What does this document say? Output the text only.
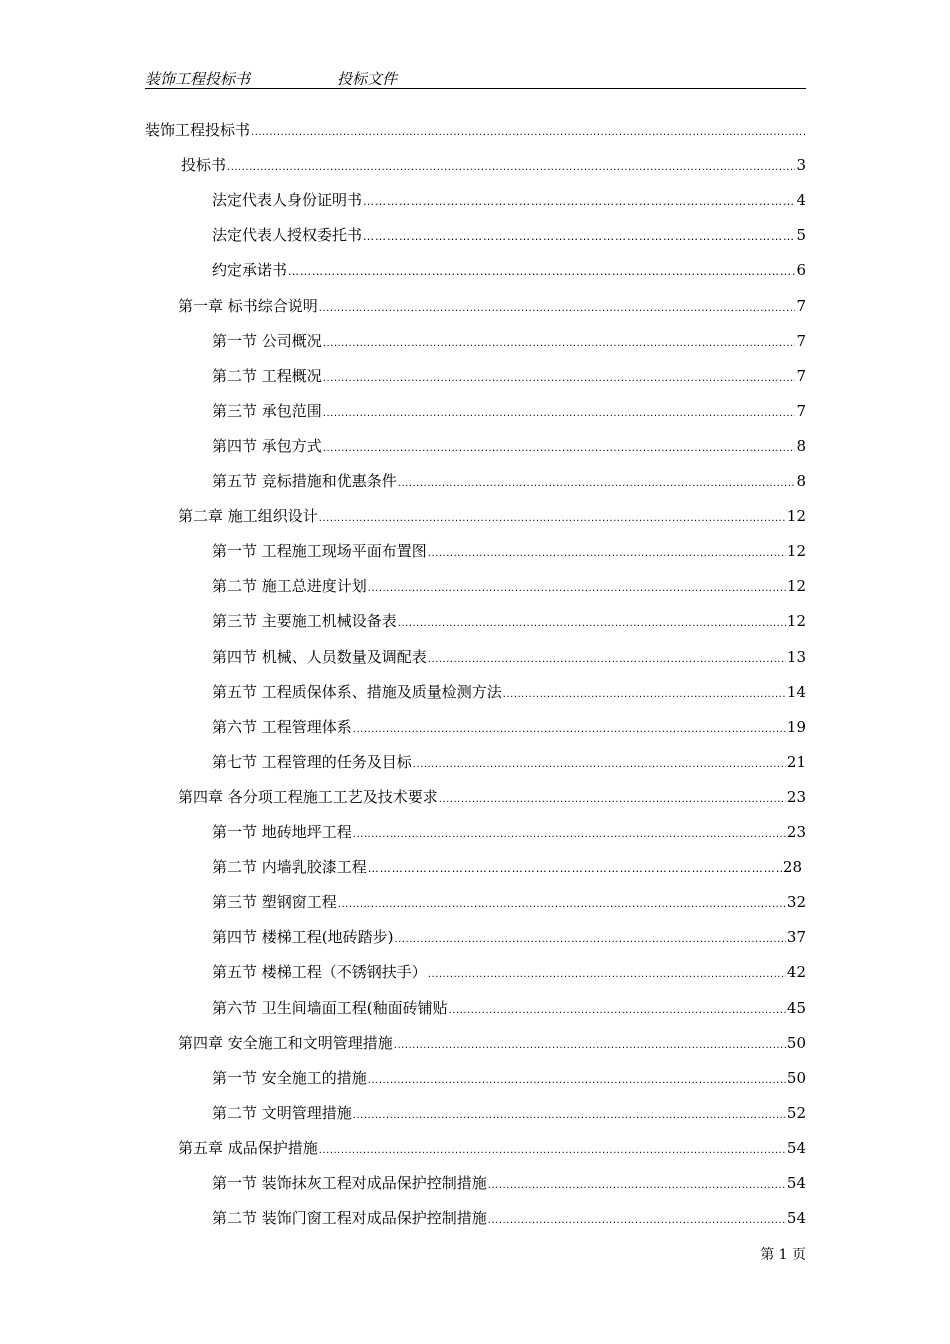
装饰工程投标书	投标文件
装饰工程投标书
.....
投标书 .....	3
法定代表人身份证明书 …………………………………………………………………………………………………………………………	4
法定代表人授权委托书 …………………………………………………………………………………………………………………………	5
约定承诺书 …………………………………………………………………………………………………………………………	6
第一章 标书综合说明 .....	7
第一节 公司概况 .....	7
第二节 工程概况 .....	7
第三节 承包范围 .....	7
第四节 承包方式 .....	8
第五节 竞标措施和优惠条件 .....	8
第二章 施工组织设计 .....	12
第一节 工程施工现场平面布置图 .....	12
第二节 施工总进度计划 .....	12
第三节 主要施工机械设备表 .....	12
第四节 机械、人员数量及调配表 .....	13
第五节 工程质保体系、措施及质量检测方法 .....	14
第六节 工程管理体系 .....	19
第七节 工程管理的任务及目标 .....	21
第四章 各分项工程施工工艺及技术要求 .....	23
第一节 地砖地坪工程 .....	23
第二节 内墙乳胶漆工程 …………………………………………………………………………………………………………………………	28
第三节 塑钢窗工程 .....	32
第四节 楼梯工程(地砖踏步) .....	37
第五节 楼梯工程（不锈钢扶手） .....	42
第六节 卫生间墙面工程(釉面砖铺贴 .....	45
第四章 安全施工和文明管理措施 .....	50
第一节 安全施工的措施 .....	50
第二节 文明管理措施 .....	52
第五章 成品保护措施 .....	54
第一节 装饰抹灰工程对成品保护控制措施 .....	54
第二节 装饰门窗工程对成品保护控制措施 .....	54
第 1 页
